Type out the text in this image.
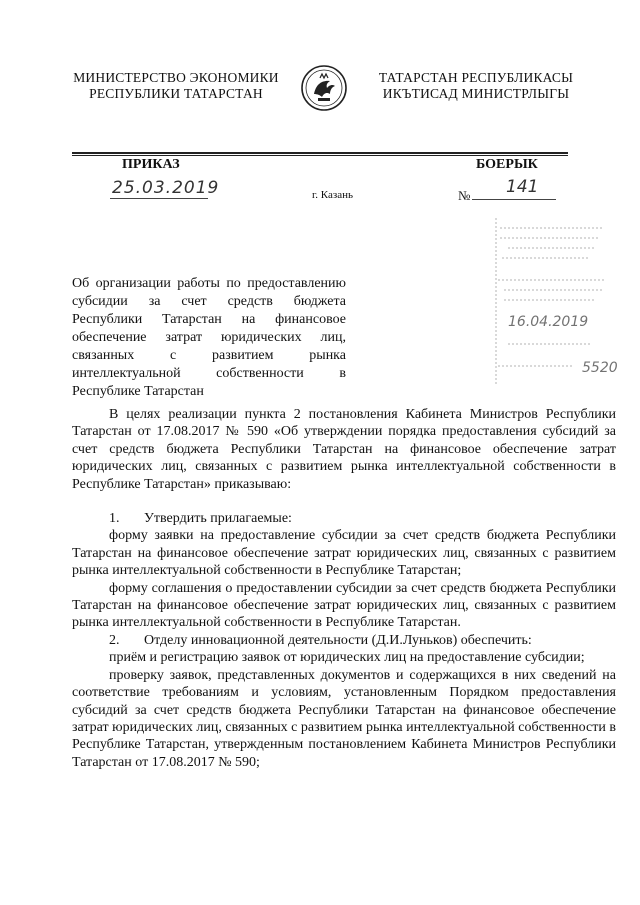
МИНИСТЕРСТВО ЭКОНОМИКИ
РЕСПУБЛИКИ ТАТАРСТАН
ТАТАРСТАН РЕСПУБЛИКАСЫ
ИКЪТИСАД МИНИСТРЛЫГЫ
ПРИКАЗ	БОЕРЫК
25.03.2019	г. Казань	№ 141
16.04.2019
5520
Об организации работы по предоставлению субсидии за счет средств бюджета Республики Татарстан на финансовое обеспечение затрат юридических лиц, связанных с развитием рынка интеллектуальной собственности в Республике Татарстан

В целях реализации пункта 2 постановления Кабинета Министров Республики Татарстан от 17.08.2017 № 590 «Об утверждении порядка предоставления субсидий за счет средств бюджета Республики Татарстан на финансовое обеспечение затрат юридических лиц, связанных с развитием рынка интеллектуальной собственности в Республике Татарстан» приказываю:

1. Утвердить прилагаемые:

форму заявки на предоставление субсидии за счет средств бюджета Республики Татарстан на финансовое обеспечение затрат юридических лиц, связанных с развитием рынка интеллектуальной собственности в Республике Татарстан;

форму соглашения о предоставлении субсидии за счет средств бюджета Республики Татарстан на финансовое обеспечение затрат юридических лиц, связанных с развитием рынка интеллектуальной собственности в Республике Татарстан.

2. Отделу инновационной деятельности (Д.И.Луньков) обеспечить:

приём и регистрацию заявок от юридических лиц на предоставление субсидии;

проверку заявок, представленных документов и содержащихся в них сведений на соответствие требованиям и условиям, установленным Порядком предоставления субсидий за счет средств бюджета Республики Татарстан на финансовое обеспечение затрат юридических лиц, связанных с развитием рынка интеллектуальной собственности в Республике Татарстан, утвержденным постановлением Кабинета Министров Республики Татарстан от 17.08.2017 № 590;
